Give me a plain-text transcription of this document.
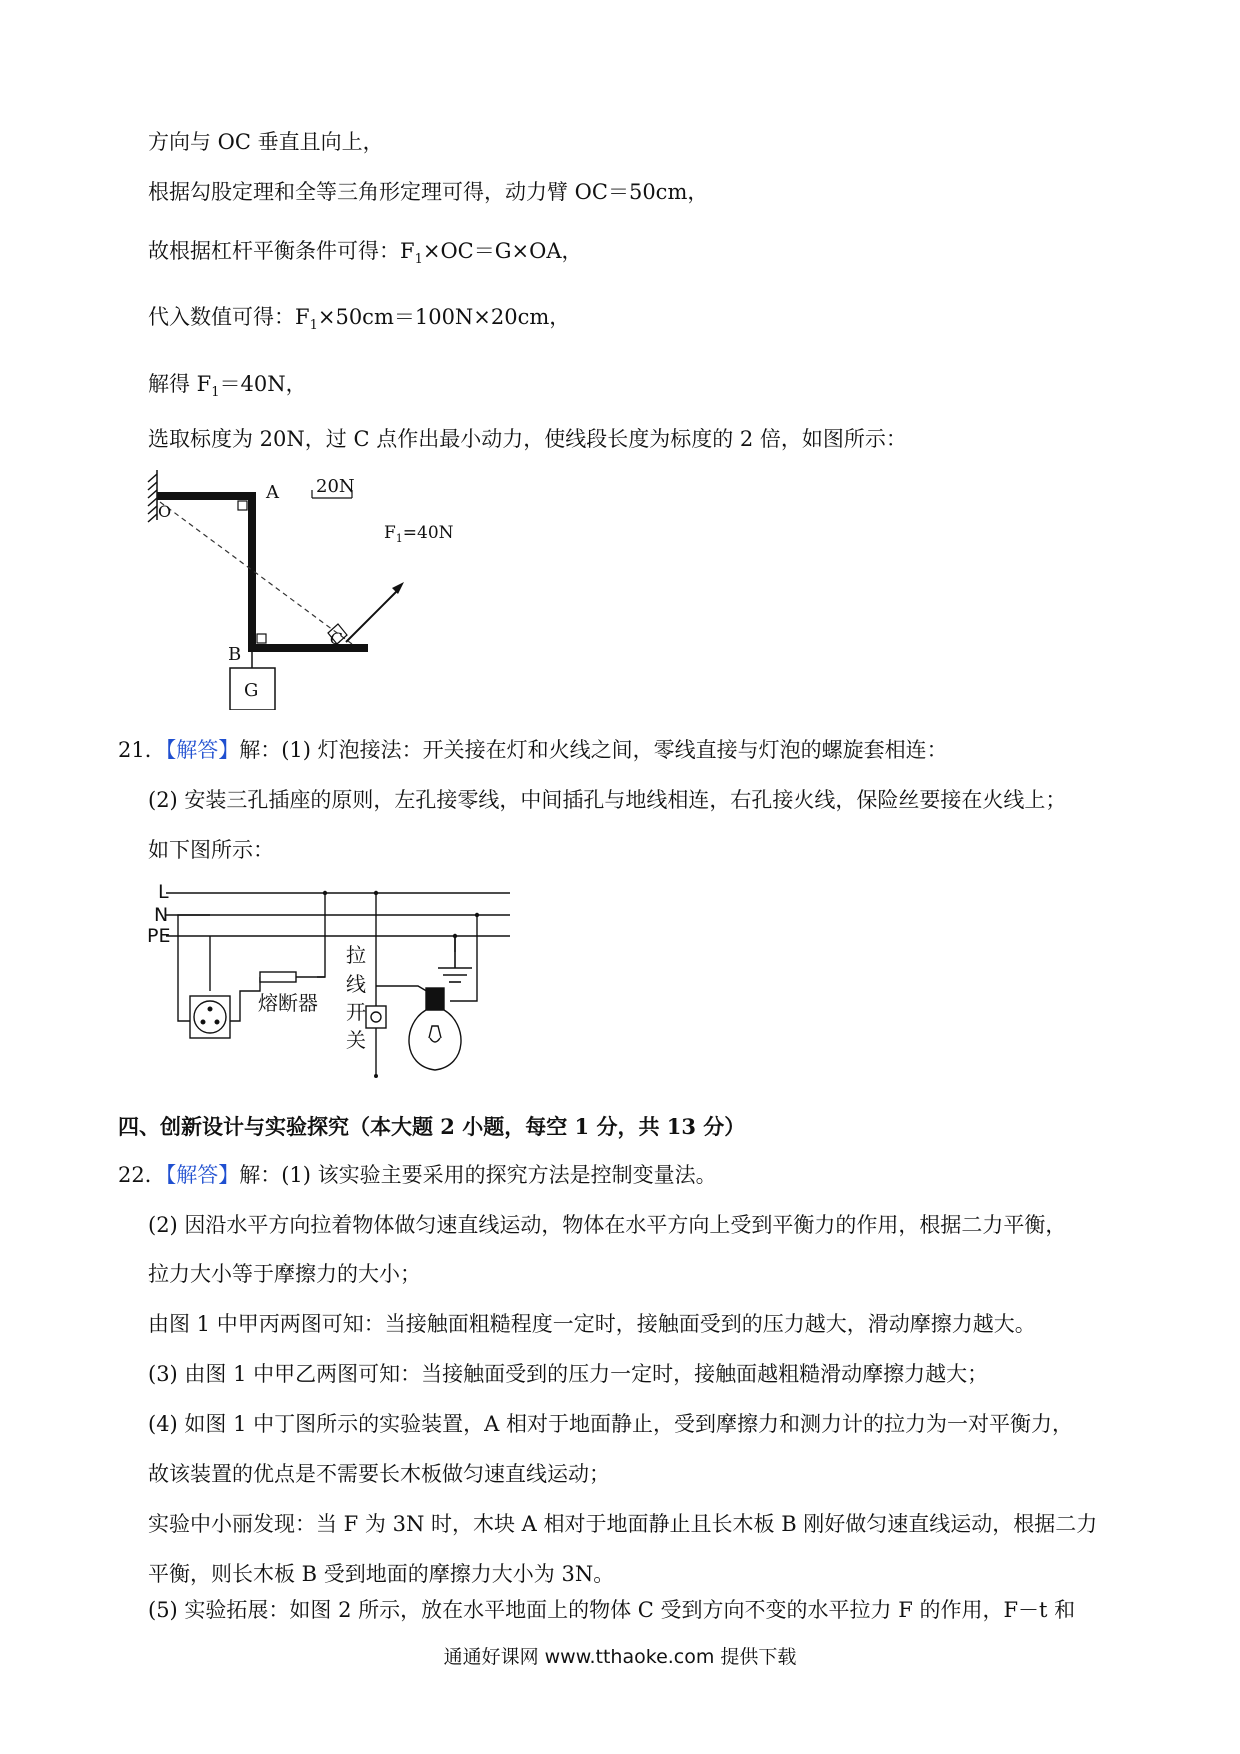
方向与 OC 垂直且向上，
根据勾股定理和全等三角形定理可得，动力臂 OC＝50cm，
故根据杠杆平衡条件可得：$F_1\times OC=G\times OA$，
代入数值可得：$F_1\times 50cm=100N\times 20cm$，
解得 $F_1=40N$，
选取标度为 20N，过 C 点作出最小动力，使线段长度为标度的 2 倍，如图所示：
A
O
B
C
G
20N
$F_1=40N$
21．【解答】解：(1) 灯泡接法：开关接在灯和火线之间，零线直接与灯泡的螺旋套相连：
(2) 安装三孔插座的原则，左孔接零线，中间插孔与地线相连，右孔接火线，保险丝要接在火线上；
如下图所示：
L
N
PE
熔断器
拉
线
开
关
四、创新设计与实验探究（本大题 2 小题，每空 1 分，共 13 分）
22．【解答】解：(1) 该实验主要采用的探究方法是控制变量法。
(2) 因沿水平方向拉着物体做匀速直线运动，物体在水平方向上受到平衡力的作用，根据二力平衡，
拉力大小等于摩擦力的大小；
由图 1 中甲丙两图可知：当接触面粗糙程度一定时，接触面受到的压力越大，滑动摩擦力越大。
(3) 由图 1 中甲乙两图可知：当接触面受到的压力一定时，接触面越粗糙滑动摩擦力越大；
(4) 如图 1 中丁图所示的实验装置，A 相对于地面静止，受到摩擦力和测力计的拉力为一对平衡力，
故该装置的优点是不需要长木板做匀速直线运动；
实验中小丽发现：当 F 为 3N 时，木块 A 相对于地面静止且长木板 B 刚好做匀速直线运动，根据二力
平衡，则长木板 B 受到地面的摩擦力大小为 3N。
(5) 实验拓展：如图 2 所示，放在水平地面上的物体 C 受到方向不变的水平拉力 F 的作用，F－t 和
通通好课网 www.tthaoke.com 提供下载
